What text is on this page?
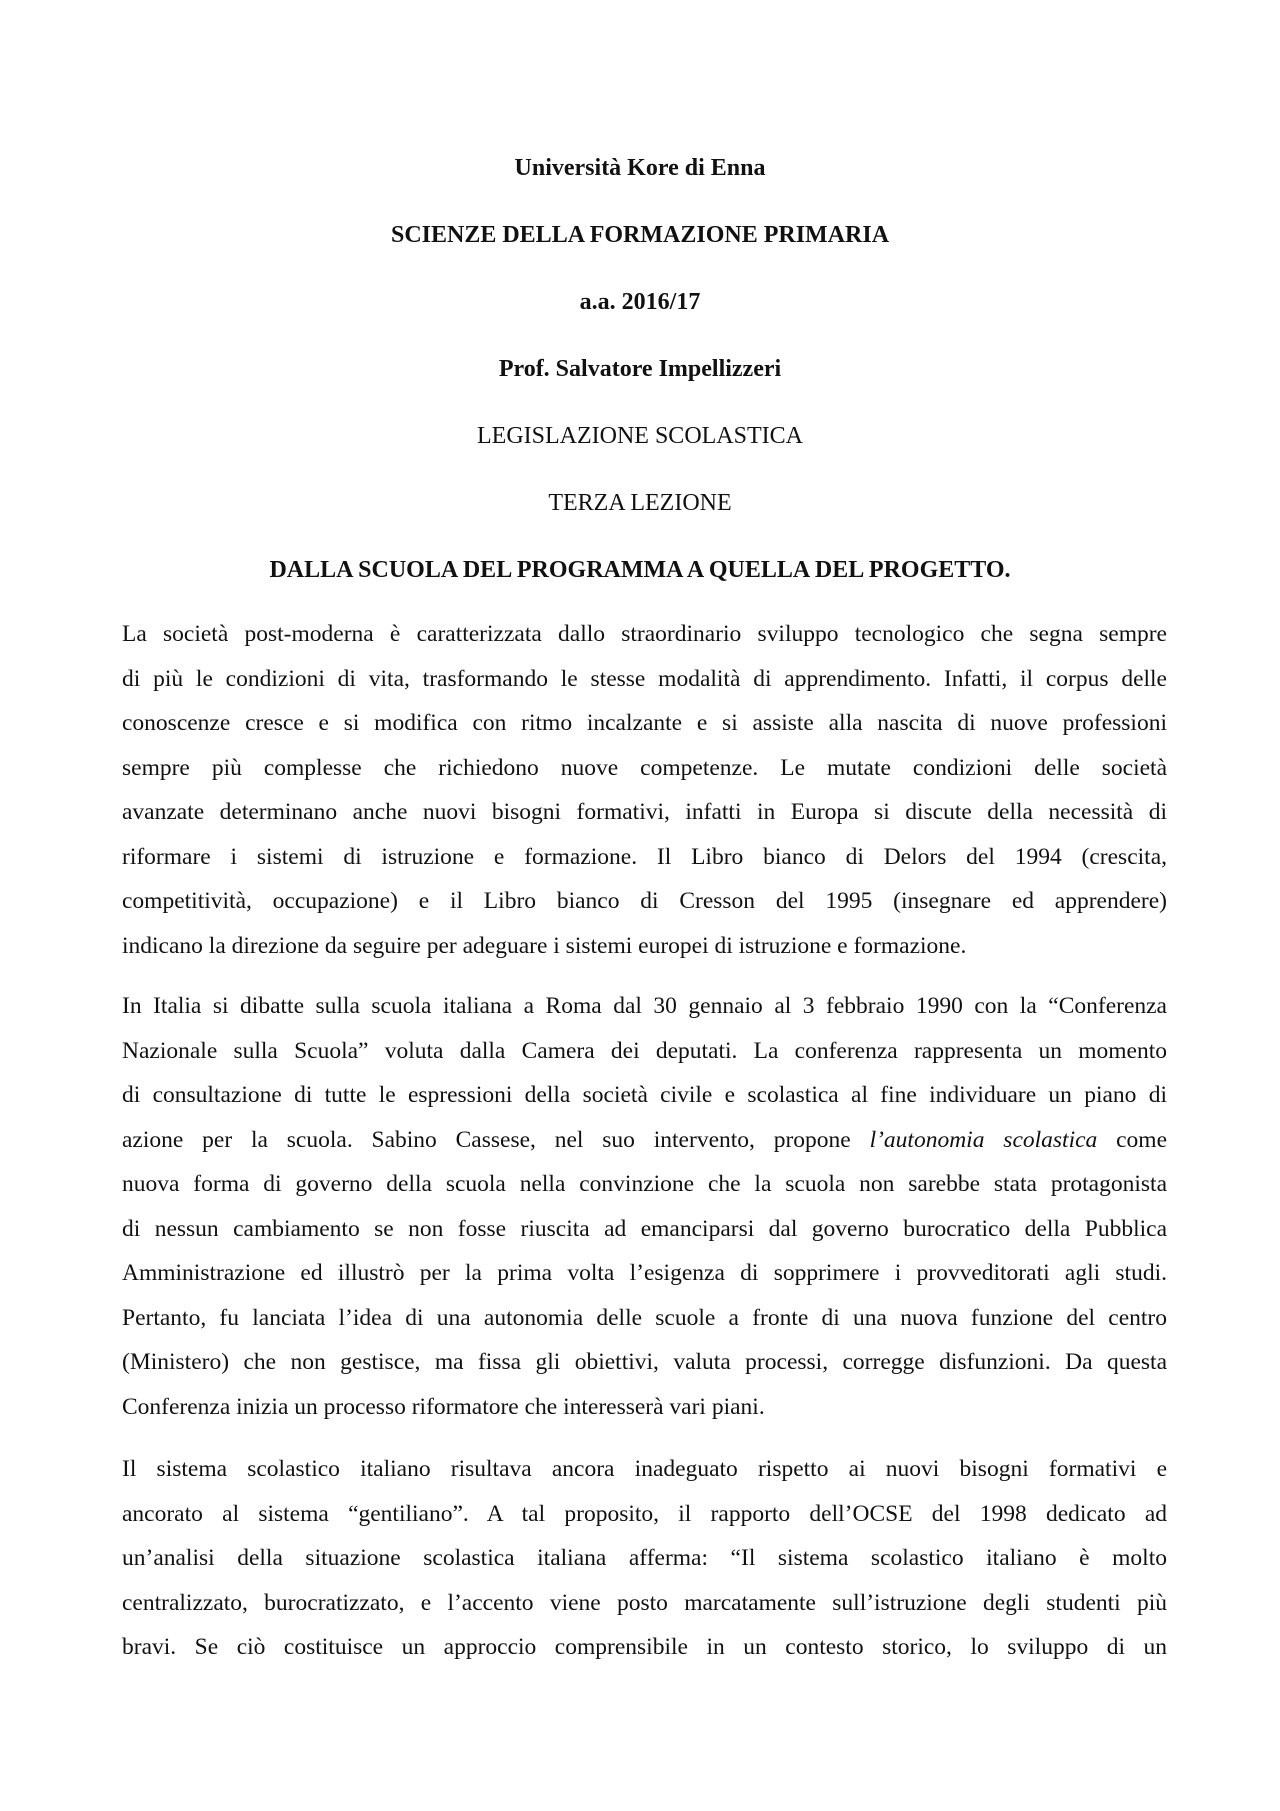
Università Kore di Enna

SCIENZE DELLA FORMAZIONE PRIMARIA

a.a. 2016/17

Prof. Salvatore Impellizzeri

LEGISLAZIONE SCOLASTICA

TERZA LEZIONE

DALLA SCUOLA DEL PROGRAMMA A QUELLA DEL PROGETTO.

La società post-moderna è caratterizzata dallo straordinario sviluppo tecnologico che segna sempre
di più le condizioni di vita, trasformando le stesse modalità di apprendimento. Infatti, il corpus delle
conoscenze cresce e si modifica con ritmo incalzante e si assiste alla nascita di nuove professioni
sempre più complesse che richiedono nuove competenze. Le mutate condizioni delle società
avanzate determinano anche nuovi bisogni formativi, infatti in Europa si discute della necessità di
riformare i sistemi di istruzione e formazione. Il Libro bianco di Delors del 1994 (crescita,
competitività, occupazione) e il Libro bianco di Cresson del 1995 (insegnare ed apprendere)
indicano la direzione da seguire per adeguare i sistemi europei di istruzione e formazione.
In Italia si dibatte sulla scuola italiana a Roma dal 30 gennaio al 3 febbraio 1990 con la “Conferenza
Nazionale sulla Scuola” voluta dalla Camera dei deputati. La conferenza rappresenta un momento
di consultazione di tutte le espressioni della società civile e scolastica al fine individuare un piano di
azione per la scuola. Sabino Cassese, nel suo intervento, propone l’autonomia scolastica come
nuova forma di governo della scuola nella convinzione che la scuola non sarebbe stata protagonista
di nessun cambiamento se non fosse riuscita ad emanciparsi dal governo burocratico della Pubblica
Amministrazione ed illustrò per la prima volta l’esigenza di sopprimere i provveditorati agli studi.
Pertanto, fu lanciata l’idea di una autonomia delle scuole a fronte di una nuova funzione del centro
(Ministero) che non gestisce, ma fissa gli obiettivi, valuta processi, corregge disfunzioni. Da questa
Conferenza inizia un processo riformatore che interesserà vari piani.
Il sistema scolastico italiano risultava ancora inadeguato rispetto ai nuovi bisogni formativi e
ancorato al sistema “gentiliano”. A tal proposito, il rapporto dell’OCSE del 1998 dedicato ad
un’analisi della situazione scolastica italiana afferma: “Il sistema scolastico italiano è molto
centralizzato, burocratizzato, e l’accento viene posto marcatamente sull’istruzione degli studenti più
bravi. Se ciò costituisce un approccio comprensibile in un contesto storico, lo sviluppo di un
